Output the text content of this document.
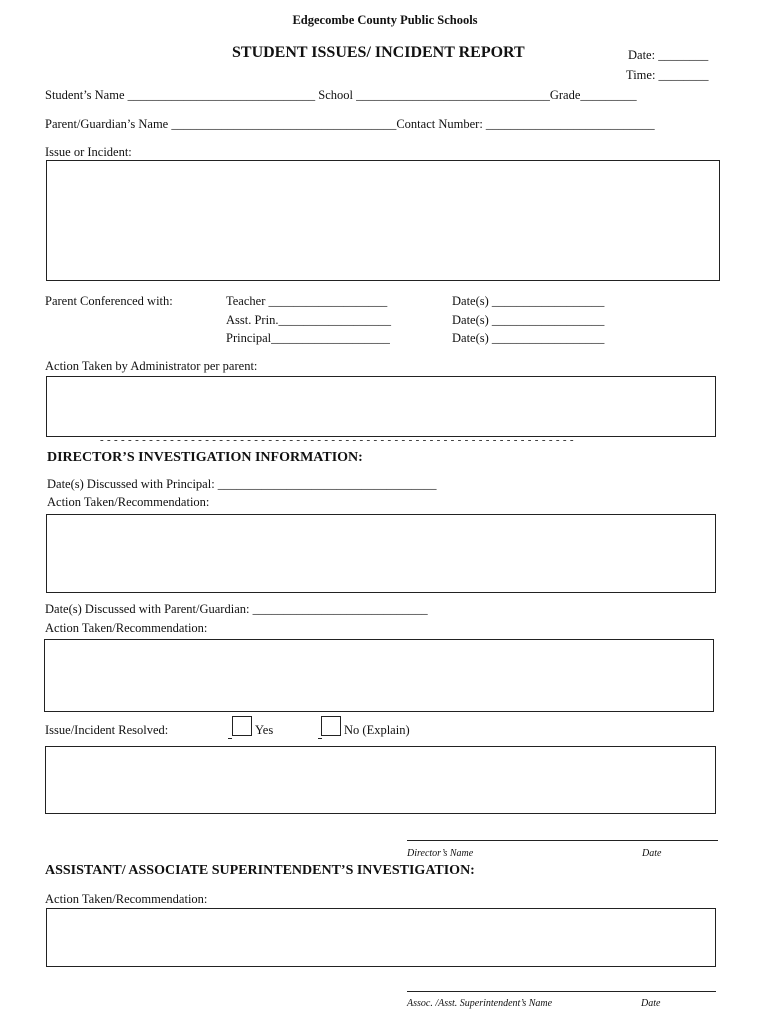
Edgecombe County Public Schools
STUDENT ISSUES/ INCIDENT REPORT	Date: ________
Time: ________
Student’s Name ______________________________ School _______________________________Grade_________
Parent/Guardian’s Name ____________________________________Contact Number: ___________________________
Issue or Incident:
Parent Conferenced with:	Teacher ___________________	Date(s) __________________
Asst. Prin.__________________	Date(s) __________________
Principal___________________	Date(s) __________________
Action Taken by Administrator per parent:
- - - - - - - - - - - - - - - - - - - - - - - - - - - - - - - - - - - - - - - - - - - - - - - - - - - - - - - - - - - - - - - - - - - -
DIRECTOR’S INVESTIGATION INFORMATION:
Date(s) Discussed with Principal: ___________________________________
Action Taken/Recommendation:
Date(s) Discussed with Parent/Guardian: ____________________________
Action Taken/Recommendation:
Issue/Incident Resolved:	Yes	No (Explain)
Director’s Name	Date
ASSISTANT/ ASSOCIATE SUPERINTENDENT’S INVESTIGATION:
Action Taken/Recommendation:
Assoc. /Asst. Superintendent’s Name	Date
